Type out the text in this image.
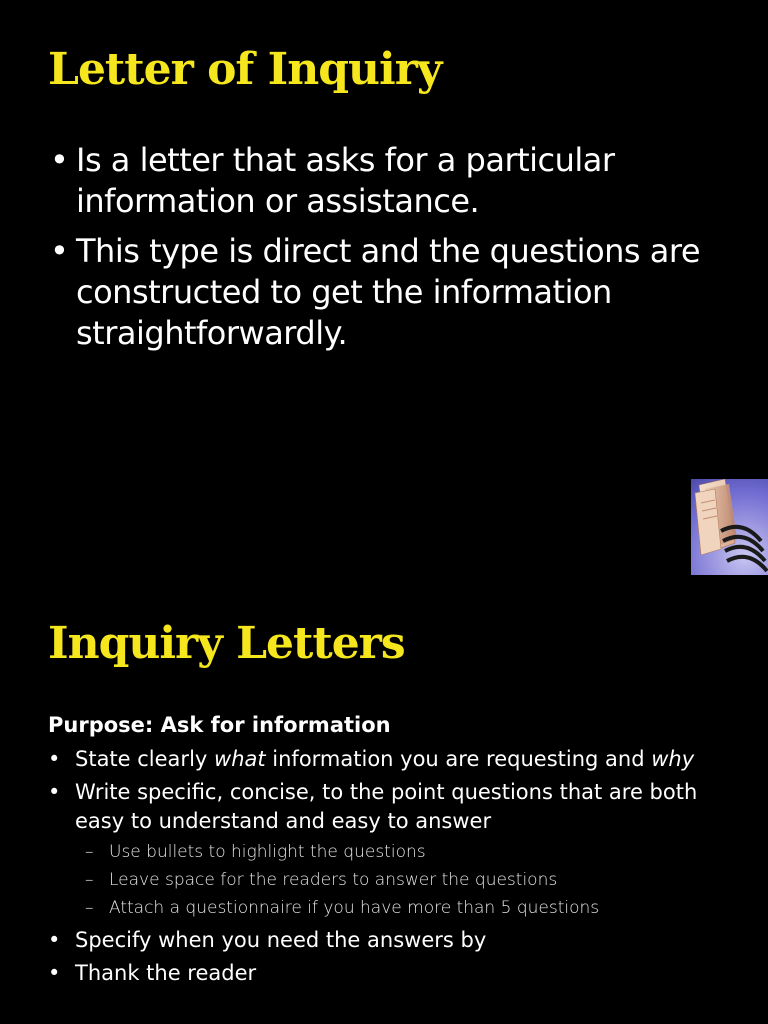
Letter of Inquiry
• Is a letter that asks for a particular information or assistance.
• This type is direct and the questions are constructed to get the information straightforwardly.
Inquiry Letters

Purpose: Ask for information

• State clearly what information you are requesting and why
• Write specific, concise, to the point questions that are both easy to understand and easy to answer
– Use bullets to highlight the questions
– Leave space for the readers to answer the questions
– Attach a questionnaire if you have more than 5 questions
• Specify when you need the answers by
• Thank the reader
